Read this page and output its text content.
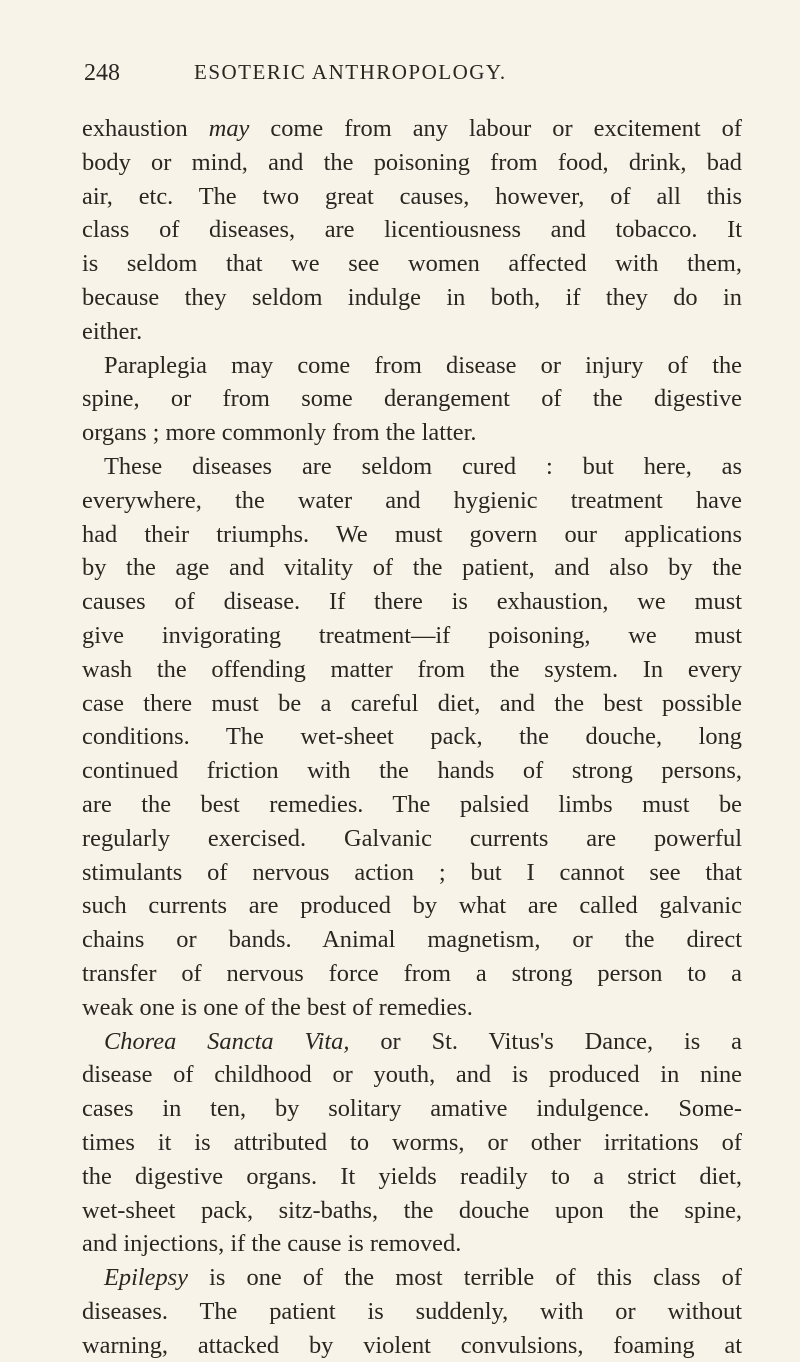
248	ESOTERIC ANTHROPOLOGY.
exhaustion may come from any labour or excitement of
body or mind, and the poisoning from food, drink, bad
air, etc. The two great causes, however, of all this
class of diseases, are licentiousness and tobacco. It
is seldom that we see women affected with them,
because they seldom indulge in both, if they do in
either.
Paraplegia may come from disease or injury of the
spine, or from some derangement of the digestive
organs ; more commonly from the latter.
These diseases are seldom cured : but here, as
everywhere, the water and hygienic treatment have
had their triumphs. We must govern our applications
by the age and vitality of the patient, and also by the
causes of disease. If there is exhaustion, we must
give invigorating treatment—if poisoning, we must
wash the offending matter from the system. In every
case there must be a careful diet, and the best possible
conditions. The wet-sheet pack, the douche, long
continued friction with the hands of strong persons,
are the best remedies. The palsied limbs must be
regularly exercised. Galvanic currents are powerful
stimulants of nervous action ; but I cannot see that
such currents are produced by what are called galvanic
chains or bands. Animal magnetism, or the direct
transfer of nervous force from a strong person to a
weak one is one of the best of remedies.
Chorea Sancta Vita, or St. Vitus's Dance, is a
disease of childhood or youth, and is produced in nine
cases in ten, by solitary amative indulgence. Some-
times it is attributed to worms, or other irritations of
the digestive organs. It yields readily to a strict diet,
wet-sheet pack, sitz-baths, the douche upon the spine,
and injections, if the cause is removed.
Epilepsy is one of the most terrible of this class of
diseases. The patient is suddenly, with or without
warning, attacked by violent convulsions, foaming at
